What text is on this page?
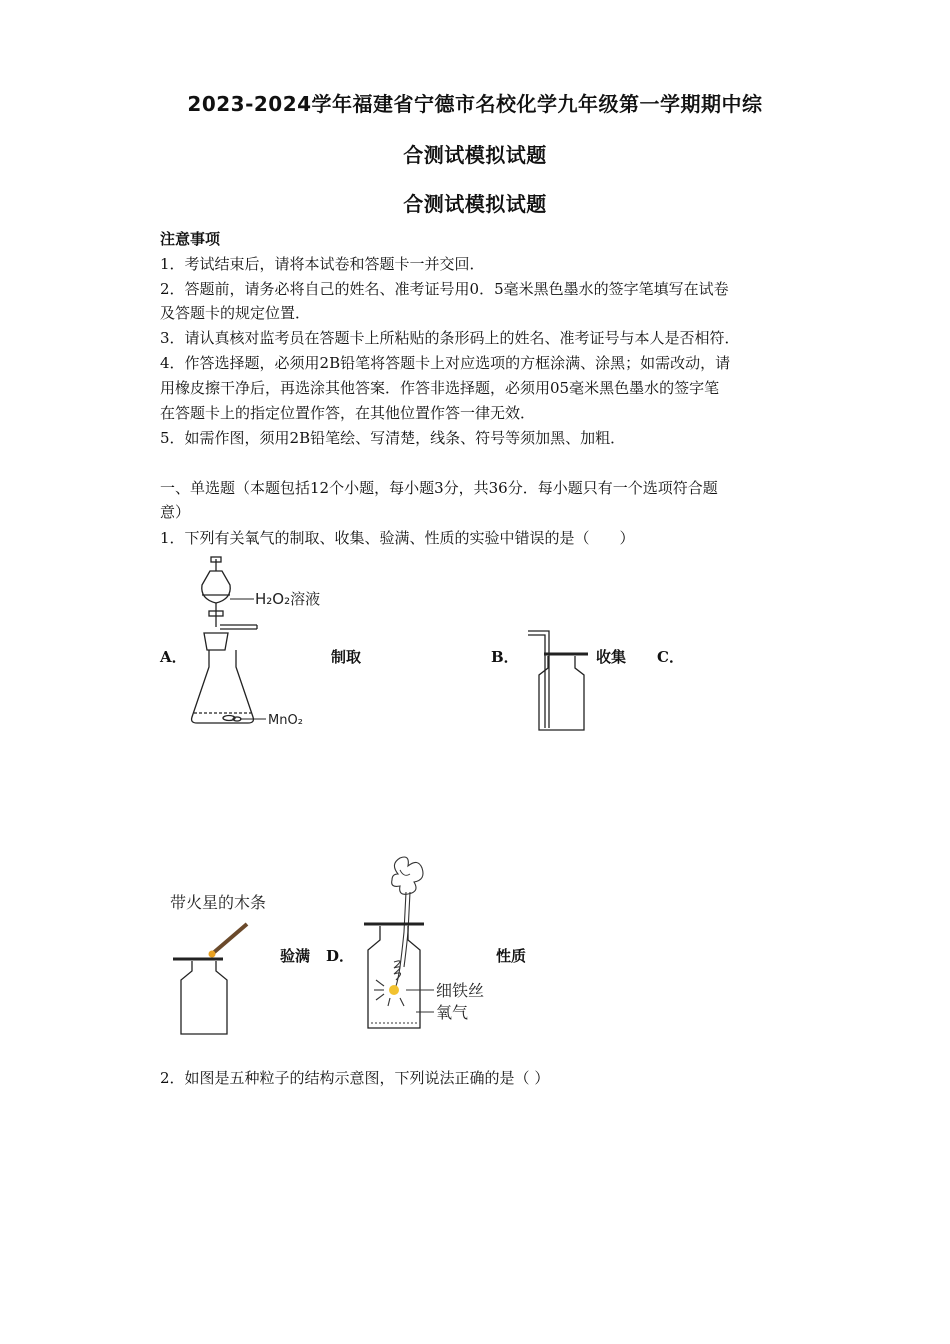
2023-2024学年福建省宁德市名校化学九年级第一学期期中综
合测试模拟试题
合测试模拟试题
注意事项
1．考试结束后，请将本试卷和答题卡一并交回．
2．答题前，请务必将自己的姓名、准考证号用0．5毫米黑色墨水的签字笔填写在试卷
及答题卡的规定位置．
3．请认真核对监考员在答题卡上所粘贴的条形码上的姓名、准考证号与本人是否相符．
4．作答选择题，必须用2B铅笔将答题卡上对应选项的方框涂满、涂黑；如需改动，请
用橡皮擦干净后，再选涂其他答案．作答非选择题，必须用05毫米黑色墨水的签字笔
在答题卡上的指定位置作答，在其他位置作答一律无效．
5．如需作图，须用2B铅笔绘、写清楚，线条、符号等须加黑、加粗．
一、单选题（本题包括12个小题，每小题3分，共36分．每小题只有一个选项符合题
意）
1．下列有关氧气的制取、收集、验满、性质的实验中错误的是（　　）
H₂O₂溶液
MnO₂
A．	制取	B．	收集 C．
带火星的木条
验满 D．
细铁丝
氧气
性质
2．如图是五种粒子的结构示意图，下列说法正确的是（ ）
